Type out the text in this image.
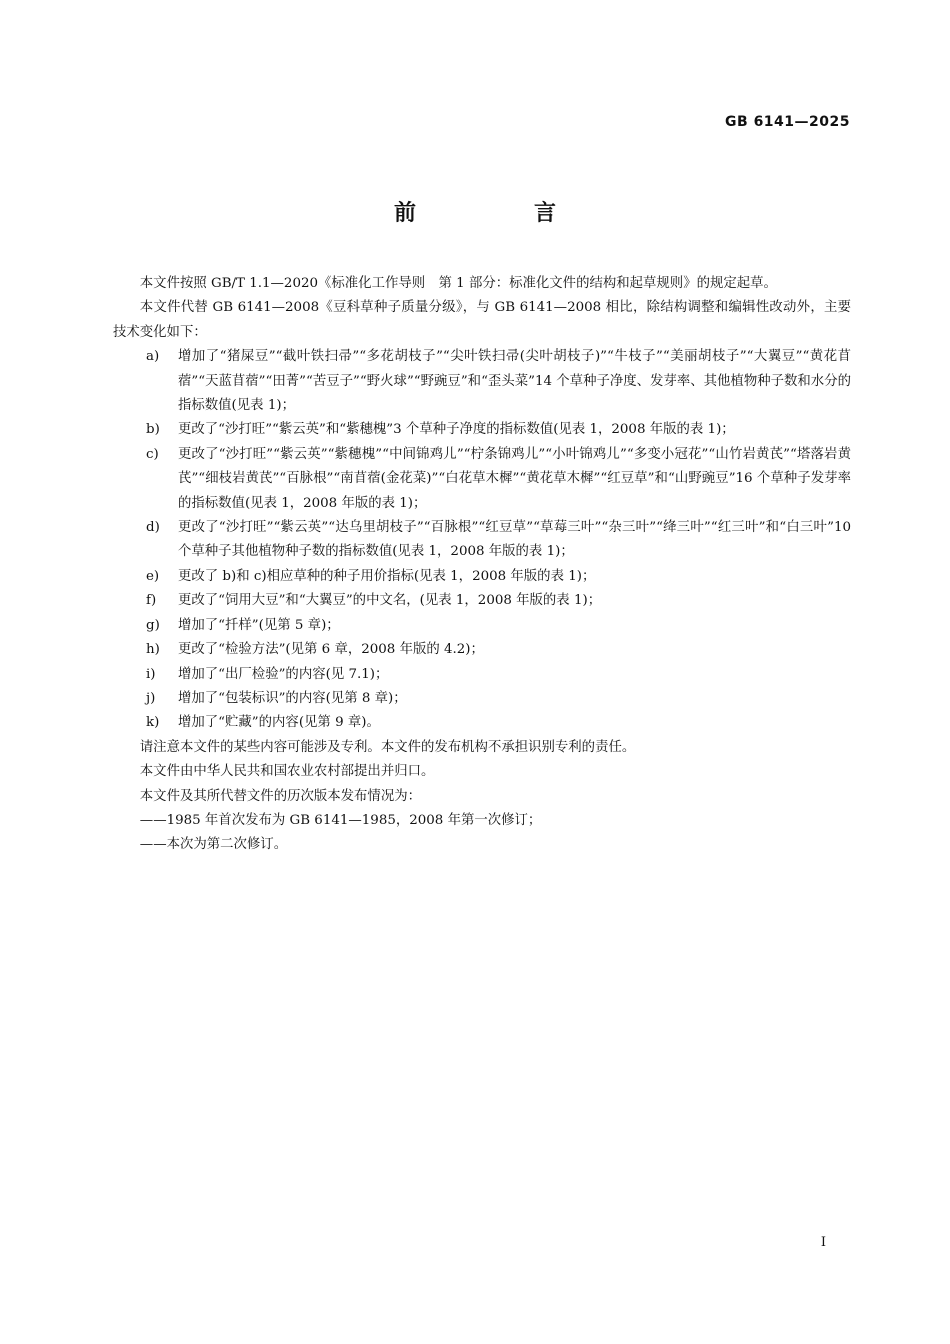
GB 6141—2025
前　言

本文件按照 GB/T 1.1—2020《标准化工作导则　第 1 部分：标准化文件的结构和起草规则》的规定起草。

本文件代替 GB 6141—2008《豆科草种子质量分级》，与 GB 6141—2008 相比，除结构调整和编辑性改动外，主要技术变化如下：

a) 增加了“猪屎豆”“截叶铁扫帚”“多花胡枝子”“尖叶铁扫帚(尖叶胡枝子)”“牛枝子”“美丽胡枝子”“大翼豆”“黄花苜蓿”“天蓝苜蓿”“田菁”“苦豆子”“野火球”“野豌豆”和“歪头菜”14 个草种子净度、发芽率、其他植物种子数和水分的指标数值(见表 1)；
b) 更改了“沙打旺”“紫云英”和“紫穗槐”3 个草种子净度的指标数值(见表 1，2008 年版的表 1)；
c) 更改了“沙打旺”“紫云英”“紫穗槐”“中间锦鸡儿”“柠条锦鸡儿”“小叶锦鸡儿”“多变小冠花”“山竹岩黄芪”“塔落岩黄芪”“细枝岩黄芪”“百脉根”“南苜蓿(金花菜)”“白花草木樨”“黄花草木樨”“红豆草”和“山野豌豆”16 个草种子发芽率的指标数值(见表 1，2008 年版的表 1)；
d) 更改了“沙打旺”“紫云英”“达乌里胡枝子”“百脉根”“红豆草”“草莓三叶”“杂三叶”“绛三叶”“红三叶”和“白三叶”10 个草种子其他植物种子数的指标数值(见表 1，2008 年版的表 1)；
e) 更改了 b)和 c)相应草种的种子用价指标(见表 1，2008 年版的表 1)；
f) 更改了“饲用大豆”和“大翼豆”的中文名，(见表 1，2008 年版的表 1)；
g) 增加了“扦样”(见第 5 章)；
h) 更改了“检验方法”(见第 6 章，2008 年版的 4.2)；
i) 增加了“出厂检验”的内容(见 7.1)；
j) 增加了“包装标识”的内容(见第 8 章)；
k) 增加了“贮藏”的内容(见第 9 章)。

请注意本文件的某些内容可能涉及专利。本文件的发布机构不承担识别专利的责任。

本文件由中华人民共和国农业农村部提出并归口。

本文件及其所代替文件的历次版本发布情况为：

——1985 年首次发布为 GB 6141—1985，2008 年第一次修订；

——本次为第二次修订。

I
